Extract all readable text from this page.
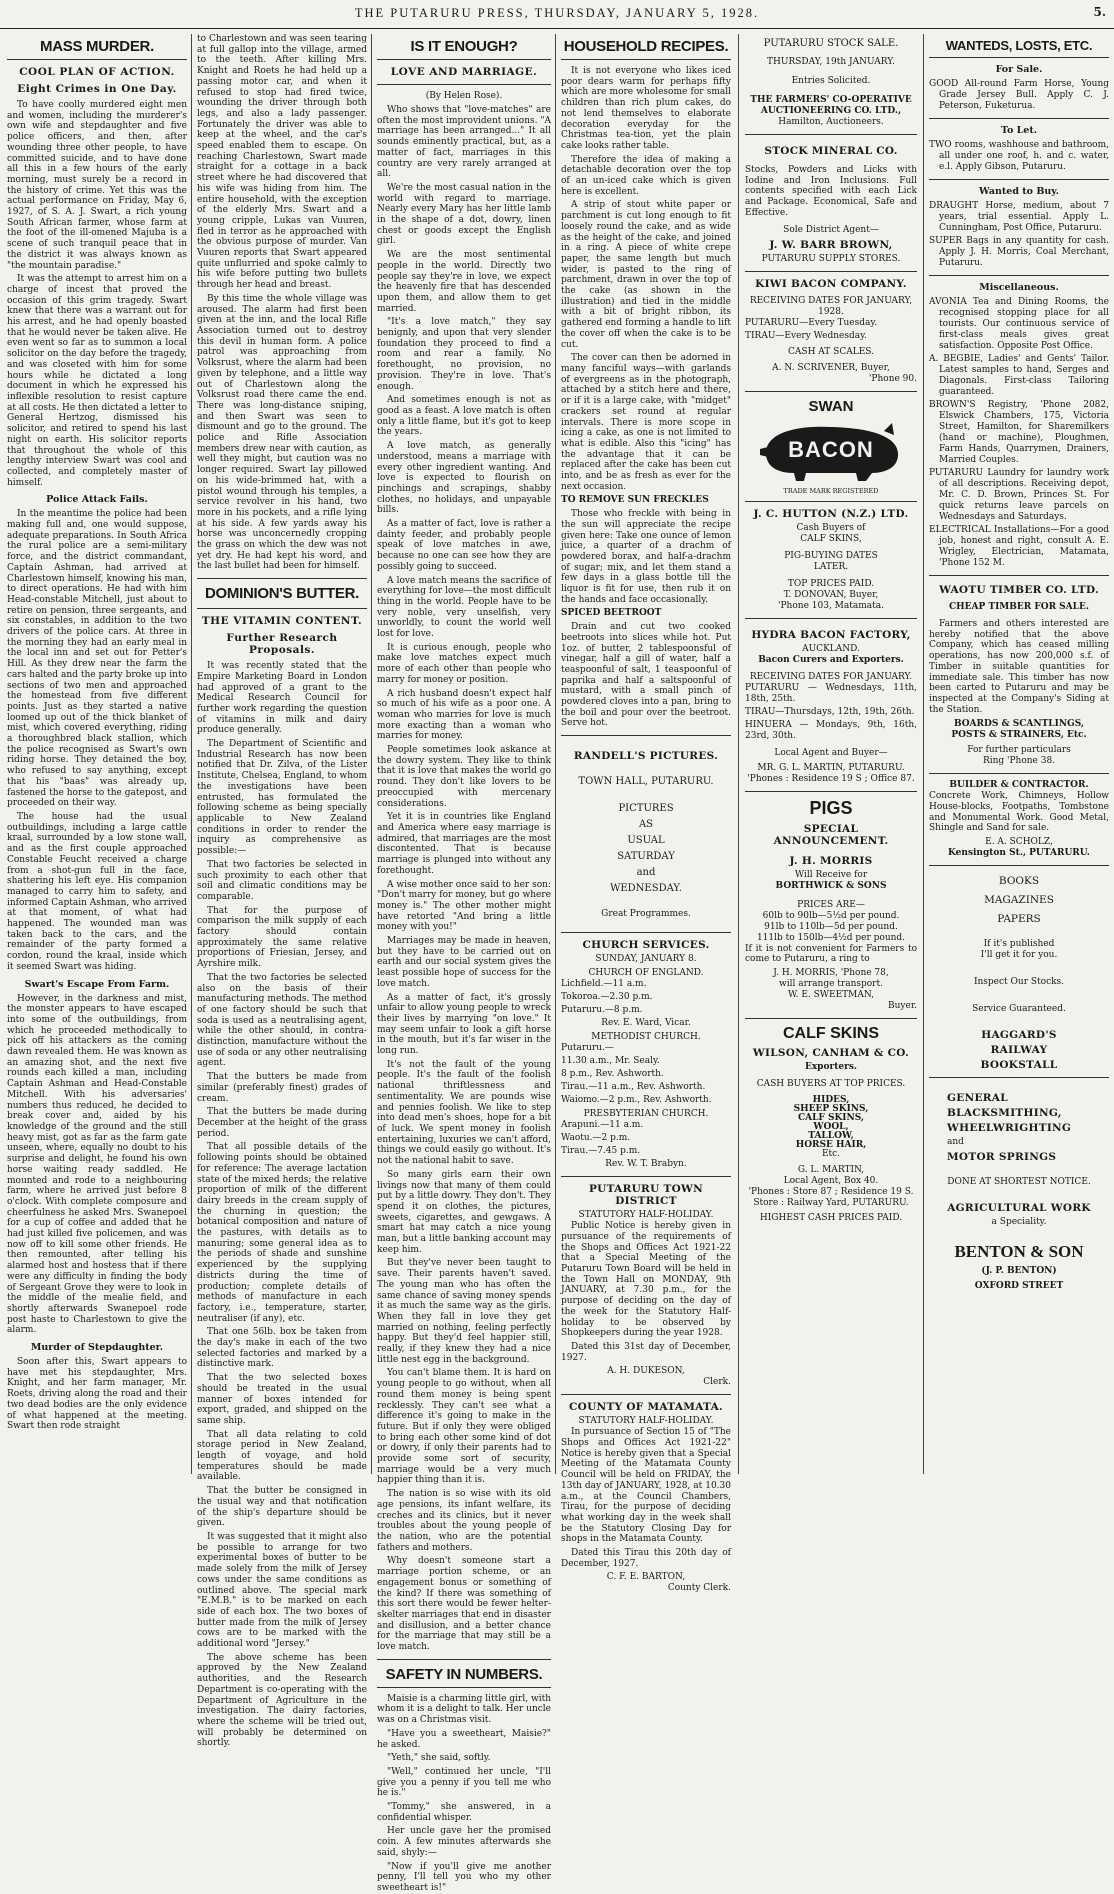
THE PUTARURU PRESS, THURSDAY, JANUARY 5, 1928.	5.
MASS MURDER.
COOL PLAN OF ACTION.
Eight Crimes in One Day.

To have coolly murdered eight men and women, including the murderer's own wife and stepdaughter and five police officers, and then, after wounding three other people, to have committed suicide, and to have done all this in a few hours of the early morning, must surely be a record in the history of crime. Yet this was the actual performance on Friday, May 6, 1927, of S. A. J. Swart, a rich young South African farmer, whose farm at the foot of the ill-omened Majuba is a scene of such tranquil peace that in the district it was always known as "the mountain paradise."

It was the attempt to arrest him on a charge of incest that proved the occasion of this grim tragedy. Swart knew that there was a warrant out for his arrest, and he had openly boasted that he would never be taken alive. He even went so far as to summon a local solicitor on the day before the tragedy, and was closeted with him for some hours while he dictated a long document in which he expressed his inflexible resolution to resist capture at all costs. He then dictated a letter to General Hertzog, dismissed his solicitor, and retired to spend his last night on earth. His solicitor reports that throughout the whole of this lengthy interview Swart was cool and collected, and completely master of himself.

Police Attack Fails.

In the meantime the police had been making full and, one would suppose, adequate preparations. In South Africa the rural police are a semi-military force, and the district commandant, Captain Ashman, had arrived at Charlestown himself, knowing his man, to direct operations. He had with him Head-constable Mitchell, just about to retire on pension, three sergeants, and six constables, in addition to the two drivers of the police cars. At three in the morning they had an early meal in the local inn and set out for Petter's Hill. As they drew near the farm the cars halted and the party broke up into sections of two men and approached the homestead from five different points. Just as they started a native loomed up out of the thick blanket of mist, which covered everything, riding a thoroughbred black stallion, which the police recognised as Swart's own riding horse. They detained the boy, who refused to say anything, except that his "baas" was already up, fastened the horse to the gatepost, and proceeded on their way.

The house had the usual outbuildings, including a large cattle kraal, surrounded by a low stone wall, and as the first couple approached Constable Feucht received a charge from a shot-gun full in the face, shattering his left eye. His companion managed to carry him to safety, and informed Captain Ashman, who arrived at that moment, of what had happened. The wounded man was taken back to the cars, and the remainder of the party formed a cordon, round the kraal, inside which it seemed Swart was hiding.

Swart's Escape From Farm.

However, in the darkness and mist, the monster appears to have escaped into some of the outbuildings, from which he proceeded methodically to pick off his attackers as the coming dawn revealed them. He was known as an amazing shot, and the next five rounds each killed a man, including Captain Ashman and Head-Constable Mitchell. With his adversaries' numbers thus reduced, he decided to break cover and, aided by his knowledge of the ground and the still heavy mist, got as far as the farm gate unseen, where, equally no doubt to his surprise and delight, he found his own horse waiting ready saddled. He mounted and rode to a neighbouring farm, where he arrived just before 8 o'clock. With complete composure and cheerfulness he asked Mrs. Swanepoel for a cup of coffee and added that he had just killed five policemen, and was now off to kill some other friends. He then remounted, after telling his alarmed host and hostess that if there were any difficulty in finding the body of Sergeant Grove they were to look in the middle of the mealie field, and shortly afterwards Swanepoel rode post haste to Charlestown to give the alarm.

Murder of Stepdaughter.

Soon after this, Swart appears to have met his stepdaughter, Mrs. Knight, and her farm manager, Mr. Roets, driving along the road and their two dead bodies are the only evidence of what happened at the meeting. Swart then rode straight

to Charlestown and was seen tearing at full gallop into the village, armed to the teeth. After killing Mrs. Knight and Roets he had held up a passing motor car, and when it refused to stop had fired twice, wounding the driver through both legs, and also a lady passenger. Fortunately the driver was able to keep at the wheel, and the car's speed enabled them to escape. On reaching Charlestown, Swart made straight for a cottage in a back street where he had discovered that his wife was hiding from him. The entire household, with the exception of the elderly Mrs. Swart and a young cripple, Lukas van Vuuren, fled in terror as he approached with the obvious purpose of murder. Van Vuuren reports that Swart appeared quite unflurried and spoke calmly to his wife before putting two bullets through her head and breast.

By this time the whole village was aroused. The alarm had first been given at the inn, and the local Rifle Association turned out to destroy this devil in human form. A police patrol was approaching from Volksrust, where the alarm had been given by telephone, and a little way out of Charlestown along the Volksrust road there came the end. There was long-distance sniping, and then Swart was seen to dismount and go to the ground. The police and Rifle Association members drew near with caution, as well they might, but caution was no longer required. Swart lay pillowed on his wide-brimmed hat, with a pistol wound through his temples, a service revolver in his hand, two more in his pockets, and a rifle lying at his side. A few yards away his horse was unconcernedly cropping the grass on which the dew was not yet dry. He had kept his word, and the last bullet had been for himself.

DOMINION'S BUTTER.
THE VITAMIN CONTENT.
Further Research Proposals.

It was recently stated that the Empire Marketing Board in London had approved of a grant to the Medical Research Council for further work regarding the question of vitamins in milk and dairy produce generally.

The Department of Scientific and Industrial Research has now been notified that Dr. Zilva, of the Lister Institute, Chelsea, England, to whom the investigations have been entrusted, has formulated the following scheme as being specially applicable to New Zealand conditions in order to render the inquiry as comprehensive as possible:—

That two factories be selected in such proximity to each other that soil and climatic conditions may be comparable.

That for the purpose of comparison the milk supply of each factory should contain approximately the same relative proportions of Friesian, Jersey, and Ayrshire milk.

That the two factories be selected also on the basis of their manufacturing methods. The method of one factory should be such that soda is used as a neutralising agent, while the other should, in contra-distinction, manufacture without the use of soda or any other neutralising agent.

That the butters be made from similar (preferably finest) grades of cream.

That the butters be made during December at the height of the grass period.

That all possible details of the following points should be obtained for reference: The average lactation state of the mixed herds; the relative proportion of milk of the different dairy breeds in the cream supply of the churning in question; the botanical composition and nature of the pastures, with details as to manuring; some general idea as to the periods of shade and sunshine experienced by the supplying districts during the time of production; complete details of methods of manufacture in each factory, i.e., temperature, starter, neutraliser (if any), etc.

That one 56lb. box be taken from the day's make in each of the two selected factories and marked by a distinctive mark.

That the two selected boxes should be treated in the usual manner of boxes intended for export, graded, and shipped on the same ship.

That all data relating to cold storage period in New Zealand, length of voyage, and hold temperatures should be made available.

That the butter be consigned in the usual way and that notification of the ship's departure should be given.

It was suggested that it might also be possible to arrange for two experimental boxes of butter to be made solely from the milk of Jersey cows under the same conditions as outlined above. The special mark "E.M.B." is to be marked on each side of each box. The two boxes of butter made from the milk of Jersey cows are to be marked with the additional word "Jersey."

The above scheme has been approved by the New Zealand authorities, and the Research Department is co-operating with the Department of Agriculture in the investigation. The dairy factories, where the scheme will be tried out, will probably be determined on shortly.

IS IT ENOUGH?
LOVE AND MARRIAGE.
(By Helen Rose).

Who shows that "love-matches" are often the most improvident unions. "A marriage has been arranged..." It all sounds eminently practical, but, as a matter of fact, marriages in this country are very rarely arranged at all.

We're the most casual nation in the world with regard to marriage. Nearly every Mary has her little lamb in the shape of a dot, dowry, linen chest or goods except the English girl.

We are the most sentimental people in the world. Directly two people say they're in love, we expect the heavenly fire that has descended upon them, and allow them to get married.

"It's a love match," they say benignly, and upon that very slender foundation they proceed to find a room and rear a family. No forethought, no provision, no provision. They're in love. That's enough.

And sometimes enough is not as good as a feast. A love match is often only a little flame, but it's got to keep the years.

A love match, as generally understood, means a marriage with every other ingredient wanting. And love is expected to flourish on pinchings and scrapings, shabby clothes, no holidays, and unpayable bills.

As a matter of fact, love is rather a dainty feeder, and probably people speak of love matches in awe, because no one can see how they are possibly going to succeed.

A love match means the sacrifice of everything for love—the most difficult thing in the world. People have to be very noble, very unselfish, very unworldly, to count the world well lost for love.

It is curious enough, people who make love matches expect much more of each other than people who marry for money or position.

A rich husband doesn't expect half so much of his wife as a poor one. A woman who marries for love is much more exacting than a woman who marries for money.

People sometimes look askance at the dowry system. They like to think that it is love that makes the world go round. They don't like lovers to be preoccupied with mercenary considerations.

Yet it is in countries like England and America where easy marriage is admired, that marriages are the most discontented. That is because marriage is plunged into without any forethought.

A wise mother once said to her son: "Don't marry for money, but go where money is." The other mother might have retorted "And bring a little money with you!"

Marriages may be made in heaven, but they have to be carried out on earth and our social system gives the least possible hope of success for the love match.

As a matter of fact, it's grossly unfair to allow young people to wreck their lives by marrying "on love." It may seem unfair to look a gift horse in the mouth, but it's far wiser in the long run.

It's not the fault of the young people. It's the fault of the foolish national thriftlessness and sentimentality. We are pounds wise and pennies foolish. We like to step into dead men's shoes, hope for a bit of luck. We spent money in foolish entertaining, luxuries we can't afford, things we could easily go without. It's not the national habit to save.

So many girls earn their own livings now that many of them could put by a little dowry. They don't. They spend it on clothes, the pictures, sweets, cigarettes, and gewgaws. A smart hat may catch a nice young man, but a little banking account may keep him.

But they've never been taught to save. Their parents haven't saved. The young man who has often the same chance of saving money spends it as much the same way as the girls. When they fall in love they get married on nothing, feeling perfectly happy. But they'd feel happier still, really, if they knew they had a nice little nest egg in the background.

You can't blame them. It is hard on young people to go without, when all round them money is being spent recklessly. They can't see what a difference it's going to make in the future. But if only they were obliged to bring each other some kind of dot or dowry, if only their parents had to provide some sort of security, marriage would be a very much happier thing than it is.

The nation is so wise with its old age pensions, its infant welfare, its creches and its clinics, but it never troubles about the young people of the nation, who are the potential fathers and mothers.

Why doesn't someone start a marriage portion scheme, or an engagement bonus or something of the kind? If there was something of this sort there would be fewer helter-skelter marriages that end in disaster and disillusion, and a better chance for the marriage that may still be a love match.

SAFETY IN NUMBERS.

Maisie is a charming little girl, with whom it is a delight to talk. Her uncle was on a Christmas visit.

"Have you a sweetheart, Maisie?" he asked.

"Yeth," she said, softly.

"Well," continued her uncle, "I'll give you a penny if you tell me who he is."

"Tommy," she answered, in a confidential whisper.

Her uncle gave her the promised coin. A few minutes afterwards she said, shyly:—

"Now if you'll give me another penny, I'll tell you who my other sweetheart is!"

HOUSEHOLD RECIPES.

It is not everyone who likes iced poor dears warm for perhaps fifty which are more wholesome for small children than rich plum cakes, do not lend themselves to elaborate decoration everyday for the Christmas tea-tion, yet the plain cake looks rather table.

Therefore the idea of making a detachable decoration over the top of an un-iced cake which is given here is excellent.

A strip of stout white paper or parchment is cut long enough to fit loosely round the cake, and as wide as the height of the cake, and joined in a ring. A piece of white crepe paper, the same length but much wider, is pasted to the ring of parchment, drawn in over the top of the cake (as shown in the illustration) and tied in the middle with a bit of bright ribbon, its gathered end forming a handle to lift the cover off when the cake is to be cut.

The cover can then be adorned in many fanciful ways—with garlands of evergreens as in the photograph, attached by a stitch here and there, or if it is a large cake, with "midget" crackers set round at regular intervals. There is more scope in icing a cake, as one is not limited to what is edible. Also this "icing" has the advantage that it can be replaced after the cake has been cut into, and be as fresh as ever for the next occasion.

TO REMOVE SUN FRECKLES

Those who freckle with being in the sun will appreciate the recipe given here: Take one ounce of lemon juice, a quarter of a drachm of powdered borax, and half-a-drachm of sugar; mix, and let them stand a few days in a glass bottle till the liquor is fit for use, then rub it on the hands and face occasionally.

SPICED BEETROOT

Drain and cut two cooked beetroots into slices while hot. Put 1oz. of butter, 2 tablespoonsful of vinegar, half a gill of water, half a teaspoonful of salt, 1 teaspoonful of paprika and half a saltspoonful of mustard, with a small pinch of powdered cloves into a pan, bring to the boil and pour over the beetroot. Serve hot.

RANDELL'S PICTURES.
TOWN HALL, PUTARURU.
PICTURES
AS
USUAL
SATURDAY
and
WEDNESDAY.
Great Programmes.
CHURCH SERVICES.
SUNDAY, JANUARY 8.
CHURCH OF ENGLAND.
Lichfield.—11 a.m.
Tokoroa.—2.30 p.m.
Putaruru.—8 p.m.
Rev. E. Ward, Vicar.
METHODIST CHURCH.
Putaruru.—
11.30 a.m., Mr. Sealy.
8 p.m., Rev. Ashworth.
Tirau.—11 a.m., Rev. Ashworth.
Waiomo.—2 p.m., Rev. Ashworth.
PRESBYTERIAN CHURCH.
Arapuni.—11 a.m.
Waotu.—2 p.m.
Tirau.—7.45 p.m.
Rev. W. T. Brabyn.
PUTARURU TOWN DISTRICT
STATUTORY HALF-HOLIDAY.

Public Notice is hereby given in pursuance of the requirements of the Shops and Offices Act 1921-22 that a Special Meeting of the Putaruru Town Board will be held in the Town Hall on MONDAY, 9th JANUARY, at 7.30 p.m., for the purpose of deciding on the day of the week for the Statutory Half-holiday to be observed by Shopkeepers during the year 1928.

Dated this 31st day of December, 1927.

A. H. DUKESON,
Clerk.
COUNTY OF MATAMATA.
STATUTORY HALF-HOLIDAY.

In pursuance of Section 15 of "The Shops and Offices Act 1921-22" Notice is hereby given that a Special Meeting of the Matamata County Council will be held on FRIDAY, the 13th day of JANUARY, 1928, at 10.30 a.m., at the Council Chambers, Tirau, for the purpose of deciding what working day in the week shall be the Statutory Closing Day for shops in the Matamata County.

Dated this Tirau this 20th day of December, 1927.

C. F. E. BARTON,
County Clerk.
PUTARURU STOCK SALE.
THURSDAY, 19th JANUARY.
Entries Solicited.
THE FARMERS' CO-OPERATIVE AUCTIONEERING CO. LTD.,
Hamilton, Auctioneers.
STOCK MINERAL CO.

Stocks, Powders and Licks with Iodine and Iron Inclusions. Full contents specified with each Lick and Package. Economical, Safe and Effective.

Sole District Agent—
J. W. BARR BROWN,
PUTARURU SUPPLY STORES.
KIWI BACON COMPANY.
RECEIVING DATES FOR JANUARY, 1928.
PUTARURU—Every Tuesday.
TIRAU—Every Wednesday.
CASH AT SCALES.
A. N. SCRIVENER, Buyer,
'Phone 90.
SWAN
TRADE MARK REGISTERED
J. C. HUTTON (N.Z.) LTD.
Cash Buyers of
CALF SKINS,
PIG-BUYING DATES
LATER.
TOP PRICES PAID.
T. DONOVAN, Buyer,
'Phone 103, Matamata.
HYDRA BACON FACTORY,
AUCKLAND.
Bacon Curers and Exporters.
RECEIVING DATES FOR JANUARY.
PUTARURU — Wednesdays, 11th, 18th, 25th.
TIRAU—Thursdays, 12th, 19th, 26th.
HINUERA — Mondays, 9th, 16th, 23rd, 30th.
Local Agent and Buyer—
MR. G. L. MARTIN, PUTARURU.
'Phones : Residence 19 S ; Office 87.
PIGS
SPECIAL ANNOUNCEMENT.
J. H. MORRIS
Will Receive for
BORTHWICK & SONS
PRICES ARE—
60lb to 90lb—5½d per pound.
91lb to 110lb—5d per pound.
111lb to 150lb—4½d per pound.

If it is not convenient for Farmers to come to Putaruru, a ring to

J. H. MORRIS, 'Phone 78,
will arrange transport.
W. E. SWEETMAN,
Buyer.
CALF SKINS
WILSON, CANHAM & CO.
Exporters.
CASH BUYERS AT TOP PRICES.
HIDES,
SHEEP SKINS,
CALF SKINS,
WOOL,
TALLOW,
HORSE HAIR,
Etc.
G. L. MARTIN,
Local Agent, Box 40.
'Phones : Store 87 ; Residence 19 S.
Store : Railway Yard, PUTARURU.
HIGHEST CASH PRICES PAID.
WANTEDS, LOSTS, ETC.
For Sale.
GOOD All-round Farm Horse, Young Grade Jersey Bull. Apply C. J. Peterson, Fuketurua.
To Let.
TWO rooms, washhouse and bathroom, all under one roof, h. and c. water, e.l. Apply Gibson, Putaruru.
Wanted to Buy.
DRAUGHT Horse, medium, about 7 years, trial essential. Apply L. Cunningham, Post Office, Putaruru.
SUPER Bags in any quantity for cash. Apply J. H. Morris, Coal Merchant, Putaruru.
Miscellaneous.
AVONIA Tea and Dining Rooms, the recognised stopping place for all tourists. Our continuous service of first-class meals gives great satisfaction. Opposite Post Office.
A. BEGBIE, Ladies' and Gents' Tailor. Latest samples to hand, Serges and Diagonals. First-class Tailoring guaranteed.
BROWN'S Registry, 'Phone 2082, Elswick Chambers, 175, Victoria Street, Hamilton, for Sharemilkers (hand or machine), Ploughmen, Farm Hands, Quarrymen, Drainers, Married Couples.
PUTARURU Laundry for laundry work of all descriptions. Receiving depot, Mr. C. D. Brown, Princes St. For quick returns leave parcels on Wednesdays and Saturdays.
ELECTRICAL Installations—For a good job, honest and right, consult A. E. Wrigley, Electrician, Matamata, 'Phone 152 M.
WAOTU TIMBER CO. LTD.
CHEAP TIMBER FOR SALE.

Farmers and others interested are hereby notified that the above Company, which has ceased milling operations, has now 200,000 s.f. of Timber in suitable quantities for immediate sale. This timber has now been carted to Putaruru and may be inspected at the Company's Siding at the Station.

BOARDS & SCANTLINGS,
POSTS & STRAINERS, Etc.
For further particulars
Ring 'Phone 38.
BUILDER & CONTRACTOR.

Concrete Work, Chimneys, Hollow House-blocks, Footpaths, Tombstone and Monumental Work. Good Metal, Shingle and Sand for sale.

E. A. SCHOLZ,
Kensington St., PUTARURU.
BOOKS
MAGAZINES
PAPERS
If it's published
I'll get it for you.
Inspect Our Stocks.
Service Guaranteed.
HAGGARD'S
RAILWAY
BOOKSTALL
GENERAL
BLACKSMITHING,
WHEELWRIGHTING
and
MOTOR SPRINGS
DONE AT SHORTEST NOTICE.
AGRICULTURAL WORK
a Speciality.
BENTON & SON
(J. P. BENTON)
OXFORD STREET
